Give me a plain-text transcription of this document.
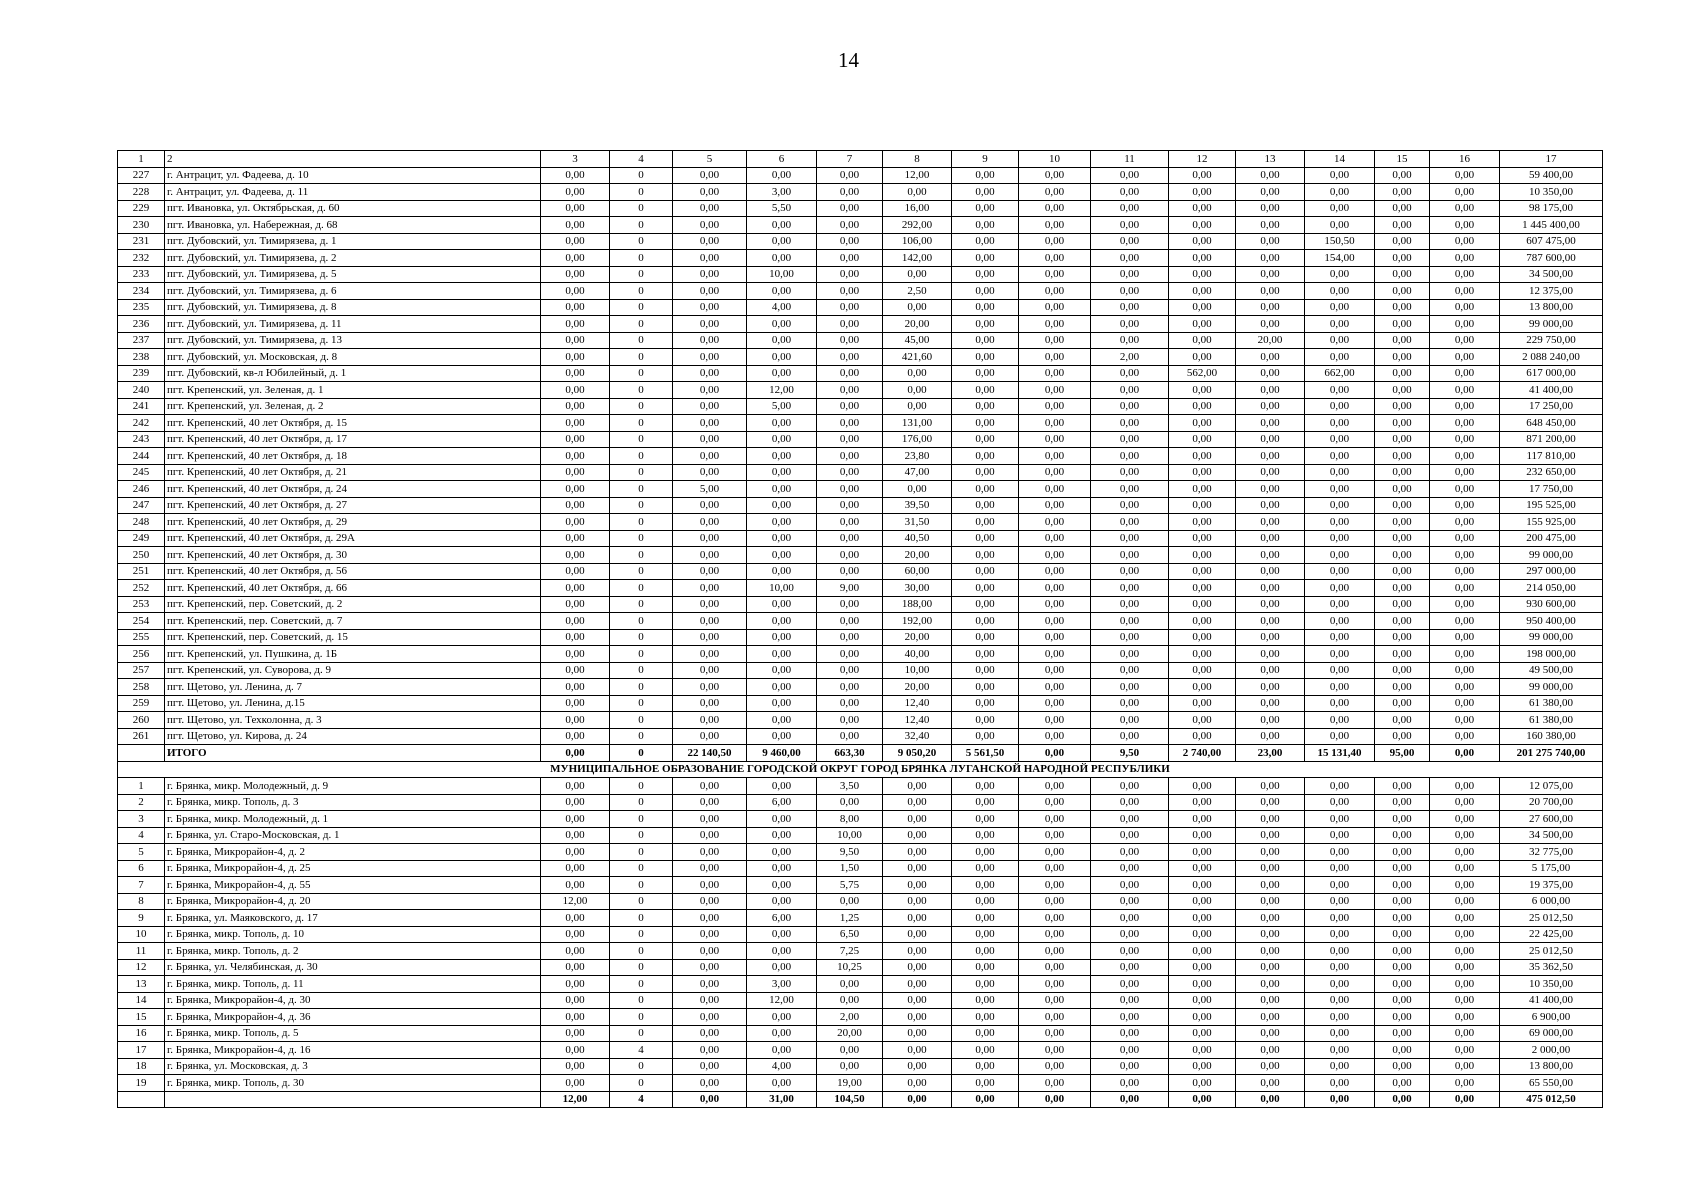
14
1	2	3	4	5	6	7	8	9	10	11	12	13	14	15	16	17
227	г. Антрацит, ул. Фадеева, д. 10	0,00	0	0,00	0,00	0,00	12,00	0,00	0,00	0,00	0,00	0,00	0,00	0,00	0,00	59 400,00
228	г. Антрацит, ул. Фадеева, д. 11	0,00	0	0,00	3,00	0,00	0,00	0,00	0,00	0,00	0,00	0,00	0,00	0,00	0,00	10 350,00
229	пгт. Ивановка, ул. Октябрьская, д. 60	0,00	0	0,00	5,50	0,00	16,00	0,00	0,00	0,00	0,00	0,00	0,00	0,00	0,00	98 175,00
230	пгт. Ивановка, ул. Набережная, д. 68	0,00	0	0,00	0,00	0,00	292,00	0,00	0,00	0,00	0,00	0,00	0,00	0,00	0,00	1 445 400,00
231	пгт. Дубовский, ул. Тимирязева, д. 1	0,00	0	0,00	0,00	0,00	106,00	0,00	0,00	0,00	0,00	0,00	150,50	0,00	0,00	607 475,00
232	пгт. Дубовский, ул. Тимирязева, д. 2	0,00	0	0,00	0,00	0,00	142,00	0,00	0,00	0,00	0,00	0,00	154,00	0,00	0,00	787 600,00
233	пгт. Дубовский, ул. Тимирязева, д. 5	0,00	0	0,00	10,00	0,00	0,00	0,00	0,00	0,00	0,00	0,00	0,00	0,00	0,00	34 500,00
234	пгт. Дубовский, ул. Тимирязева, д. 6	0,00	0	0,00	0,00	0,00	2,50	0,00	0,00	0,00	0,00	0,00	0,00	0,00	0,00	12 375,00
235	пгт. Дубовский, ул. Тимирязева, д. 8	0,00	0	0,00	4,00	0,00	0,00	0,00	0,00	0,00	0,00	0,00	0,00	0,00	0,00	13 800,00
236	пгт. Дубовский, ул. Тимирязева, д. 11	0,00	0	0,00	0,00	0,00	20,00	0,00	0,00	0,00	0,00	0,00	0,00	0,00	0,00	99 000,00
237	пгт. Дубовский, ул. Тимирязева, д. 13	0,00	0	0,00	0,00	0,00	45,00	0,00	0,00	0,00	0,00	20,00	0,00	0,00	0,00	229 750,00
238	пгт. Дубовский, ул. Московская, д. 8	0,00	0	0,00	0,00	0,00	421,60	0,00	0,00	2,00	0,00	0,00	0,00	0,00	0,00	2 088 240,00
239	пгт. Дубовский, кв-л Юбилейный, д. 1	0,00	0	0,00	0,00	0,00	0,00	0,00	0,00	0,00	562,00	0,00	662,00	0,00	0,00	617 000,00
240	пгт. Крепенский, ул. Зеленая, д. 1	0,00	0	0,00	12,00	0,00	0,00	0,00	0,00	0,00	0,00	0,00	0,00	0,00	0,00	41 400,00
241	пгт. Крепенский, ул. Зеленая, д. 2	0,00	0	0,00	5,00	0,00	0,00	0,00	0,00	0,00	0,00	0,00	0,00	0,00	0,00	17 250,00
242	пгт. Крепенский, 40 лет Октября, д. 15	0,00	0	0,00	0,00	0,00	131,00	0,00	0,00	0,00	0,00	0,00	0,00	0,00	0,00	648 450,00
243	пгт. Крепенский, 40 лет Октября, д. 17	0,00	0	0,00	0,00	0,00	176,00	0,00	0,00	0,00	0,00	0,00	0,00	0,00	0,00	871 200,00
244	пгт. Крепенский, 40 лет Октября, д. 18	0,00	0	0,00	0,00	0,00	23,80	0,00	0,00	0,00	0,00	0,00	0,00	0,00	0,00	117 810,00
245	пгт. Крепенский, 40 лет Октября, д. 21	0,00	0	0,00	0,00	0,00	47,00	0,00	0,00	0,00	0,00	0,00	0,00	0,00	0,00	232 650,00
246	пгт. Крепенский, 40 лет Октября, д. 24	0,00	0	5,00	0,00	0,00	0,00	0,00	0,00	0,00	0,00	0,00	0,00	0,00	0,00	17 750,00
247	пгт. Крепенский, 40 лет Октября, д. 27	0,00	0	0,00	0,00	0,00	39,50	0,00	0,00	0,00	0,00	0,00	0,00	0,00	0,00	195 525,00
248	пгт. Крепенский, 40 лет Октября, д. 29	0,00	0	0,00	0,00	0,00	31,50	0,00	0,00	0,00	0,00	0,00	0,00	0,00	0,00	155 925,00
249	пгт. Крепенский, 40 лет Октября, д. 29А	0,00	0	0,00	0,00	0,00	40,50	0,00	0,00	0,00	0,00	0,00	0,00	0,00	0,00	200 475,00
250	пгт. Крепенский, 40 лет Октября, д. 30	0,00	0	0,00	0,00	0,00	20,00	0,00	0,00	0,00	0,00	0,00	0,00	0,00	0,00	99 000,00
251	пгт. Крепенский, 40 лет Октября, д. 56	0,00	0	0,00	0,00	0,00	60,00	0,00	0,00	0,00	0,00	0,00	0,00	0,00	0,00	297 000,00
252	пгт. Крепенский, 40 лет Октября, д. 66	0,00	0	0,00	10,00	9,00	30,00	0,00	0,00	0,00	0,00	0,00	0,00	0,00	0,00	214 050,00
253	пгт. Крепенский, пер. Советский, д. 2	0,00	0	0,00	0,00	0,00	188,00	0,00	0,00	0,00	0,00	0,00	0,00	0,00	0,00	930 600,00
254	пгт. Крепенский, пер. Советский, д. 7	0,00	0	0,00	0,00	0,00	192,00	0,00	0,00	0,00	0,00	0,00	0,00	0,00	0,00	950 400,00
255	пгт. Крепенский, пер. Советский, д. 15	0,00	0	0,00	0,00	0,00	20,00	0,00	0,00	0,00	0,00	0,00	0,00	0,00	0,00	99 000,00
256	пгт. Крепенский, ул. Пушкина, д. 1Б	0,00	0	0,00	0,00	0,00	40,00	0,00	0,00	0,00	0,00	0,00	0,00	0,00	0,00	198 000,00
257	пгт. Крепенский, ул. Суворова, д. 9	0,00	0	0,00	0,00	0,00	10,00	0,00	0,00	0,00	0,00	0,00	0,00	0,00	0,00	49 500,00
258	пгт. Щетово, ул. Ленина, д. 7	0,00	0	0,00	0,00	0,00	20,00	0,00	0,00	0,00	0,00	0,00	0,00	0,00	0,00	99 000,00
259	пгт. Щетово, ул. Ленина, д.15	0,00	0	0,00	0,00	0,00	12,40	0,00	0,00	0,00	0,00	0,00	0,00	0,00	0,00	61 380,00
260	пгт. Щетово, ул. Техколонна, д. 3	0,00	0	0,00	0,00	0,00	12,40	0,00	0,00	0,00	0,00	0,00	0,00	0,00	0,00	61 380,00
261	пгт. Щетово, ул. Кирова, д. 24	0,00	0	0,00	0,00	0,00	32,40	0,00	0,00	0,00	0,00	0,00	0,00	0,00	0,00	160 380,00
	ИТОГО	0,00	0	22 140,50	9 460,00	663,30	9 050,20	5 561,50	0,00	9,50	2 740,00	23,00	15 131,40	95,00	0,00	201 275 740,00
МУНИЦИПАЛЬНОЕ ОБРАЗОВАНИЕ ГОРОДСКОЙ ОКРУГ ГОРОД БРЯНКА ЛУГАНСКОЙ НАРОДНОЙ РЕСПУБЛИКИ																
1	г. Брянка, микр. Молодежный, д. 9	0,00	0	0,00	0,00	3,50	0,00	0,00	0,00	0,00	0,00	0,00	0,00	0,00	0,00	12 075,00
2	г. Брянка, микр. Тополь, д. 3	0,00	0	0,00	6,00	0,00	0,00	0,00	0,00	0,00	0,00	0,00	0,00	0,00	0,00	20 700,00
3	г. Брянка, микр. Молодежный, д. 1	0,00	0	0,00	0,00	8,00	0,00	0,00	0,00	0,00	0,00	0,00	0,00	0,00	0,00	27 600,00
4	г. Брянка, ул. Старо-Московская, д. 1	0,00	0	0,00	0,00	10,00	0,00	0,00	0,00	0,00	0,00	0,00	0,00	0,00	0,00	34 500,00
5	г. Брянка, Микрорайон-4, д. 2	0,00	0	0,00	0,00	9,50	0,00	0,00	0,00	0,00	0,00	0,00	0,00	0,00	0,00	32 775,00
6	г. Брянка, Микрорайон-4, д. 25	0,00	0	0,00	0,00	1,50	0,00	0,00	0,00	0,00	0,00	0,00	0,00	0,00	0,00	5 175,00
7	г. Брянка, Микрорайон-4, д. 55	0,00	0	0,00	0,00	5,75	0,00	0,00	0,00	0,00	0,00	0,00	0,00	0,00	0,00	19 375,00
8	г. Брянка, Микрорайон-4, д. 20	12,00	0	0,00	0,00	0,00	0,00	0,00	0,00	0,00	0,00	0,00	0,00	0,00	0,00	6 000,00
9	г. Брянка, ул. Маяковского, д. 17	0,00	0	0,00	6,00	1,25	0,00	0,00	0,00	0,00	0,00	0,00	0,00	0,00	0,00	25 012,50
10	г. Брянка, микр. Тополь, д. 10	0,00	0	0,00	0,00	6,50	0,00	0,00	0,00	0,00	0,00	0,00	0,00	0,00	0,00	22 425,00
11	г. Брянка, микр. Тополь, д. 2	0,00	0	0,00	0,00	7,25	0,00	0,00	0,00	0,00	0,00	0,00	0,00	0,00	0,00	25 012,50
12	г. Брянка, ул. Челябинская, д. 30	0,00	0	0,00	0,00	10,25	0,00	0,00	0,00	0,00	0,00	0,00	0,00	0,00	0,00	35 362,50
13	г. Брянка, микр. Тополь, д. 11	0,00	0	0,00	3,00	0,00	0,00	0,00	0,00	0,00	0,00	0,00	0,00	0,00	0,00	10 350,00
14	г. Брянка, Микрорайон-4, д. 30	0,00	0	0,00	12,00	0,00	0,00	0,00	0,00	0,00	0,00	0,00	0,00	0,00	0,00	41 400,00
15	г. Брянка, Микрорайон-4, д. 36	0,00	0	0,00	0,00	2,00	0,00	0,00	0,00	0,00	0,00	0,00	0,00	0,00	0,00	6 900,00
16	г. Брянка, микр. Тополь, д. 5	0,00	0	0,00	0,00	20,00	0,00	0,00	0,00	0,00	0,00	0,00	0,00	0,00	0,00	69 000,00
17	г. Брянка, Микрорайон-4, д. 16	0,00	4	0,00	0,00	0,00	0,00	0,00	0,00	0,00	0,00	0,00	0,00	0,00	0,00	2 000,00
18	г. Брянка, ул. Московская, д. 3	0,00	0	0,00	4,00	0,00	0,00	0,00	0,00	0,00	0,00	0,00	0,00	0,00	0,00	13 800,00
19	г. Брянка, микр. Тополь, д. 30	0,00	0	0,00	0,00	19,00	0,00	0,00	0,00	0,00	0,00	0,00	0,00	0,00	0,00	65 550,00
		12,00	4	0,00	31,00	104,50	0,00	0,00	0,00	0,00	0,00	0,00	0,00	0,00	0,00	475 012,50
